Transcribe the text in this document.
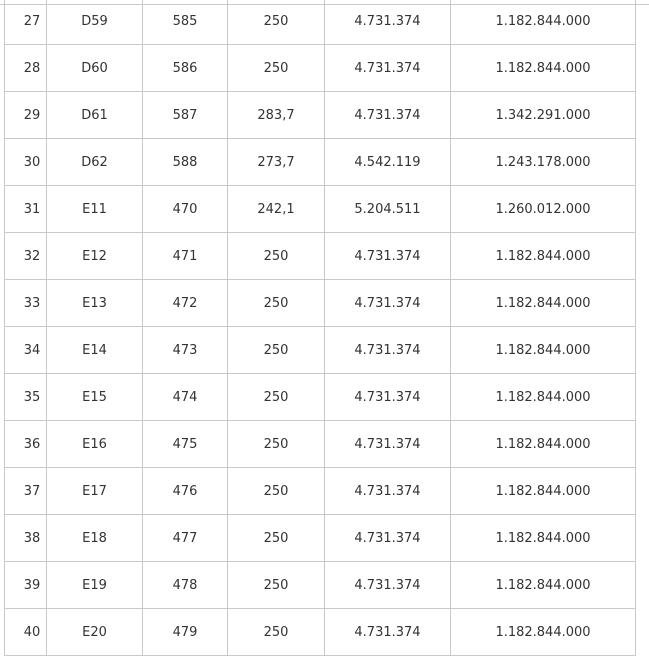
27	D59	585	250	4.731.374	1.182.844.000
28	D60	586	250	4.731.374	1.182.844.000
29	D61	587	283,7	4.731.374	1.342.291.000
30	D62	588	273,7	4.542.119	1.243.178.000
31	E11	470	242,1	5.204.511	1.260.012.000
32	E12	471	250	4.731.374	1.182.844.000
33	E13	472	250	4.731.374	1.182.844.000
34	E14	473	250	4.731.374	1.182.844.000
35	E15	474	250	4.731.374	1.182.844.000
36	E16	475	250	4.731.374	1.182.844.000
37	E17	476	250	4.731.374	1.182.844.000
38	E18	477	250	4.731.374	1.182.844.000
39	E19	478	250	4.731.374	1.182.844.000
40	E20	479	250	4.731.374	1.182.844.000
